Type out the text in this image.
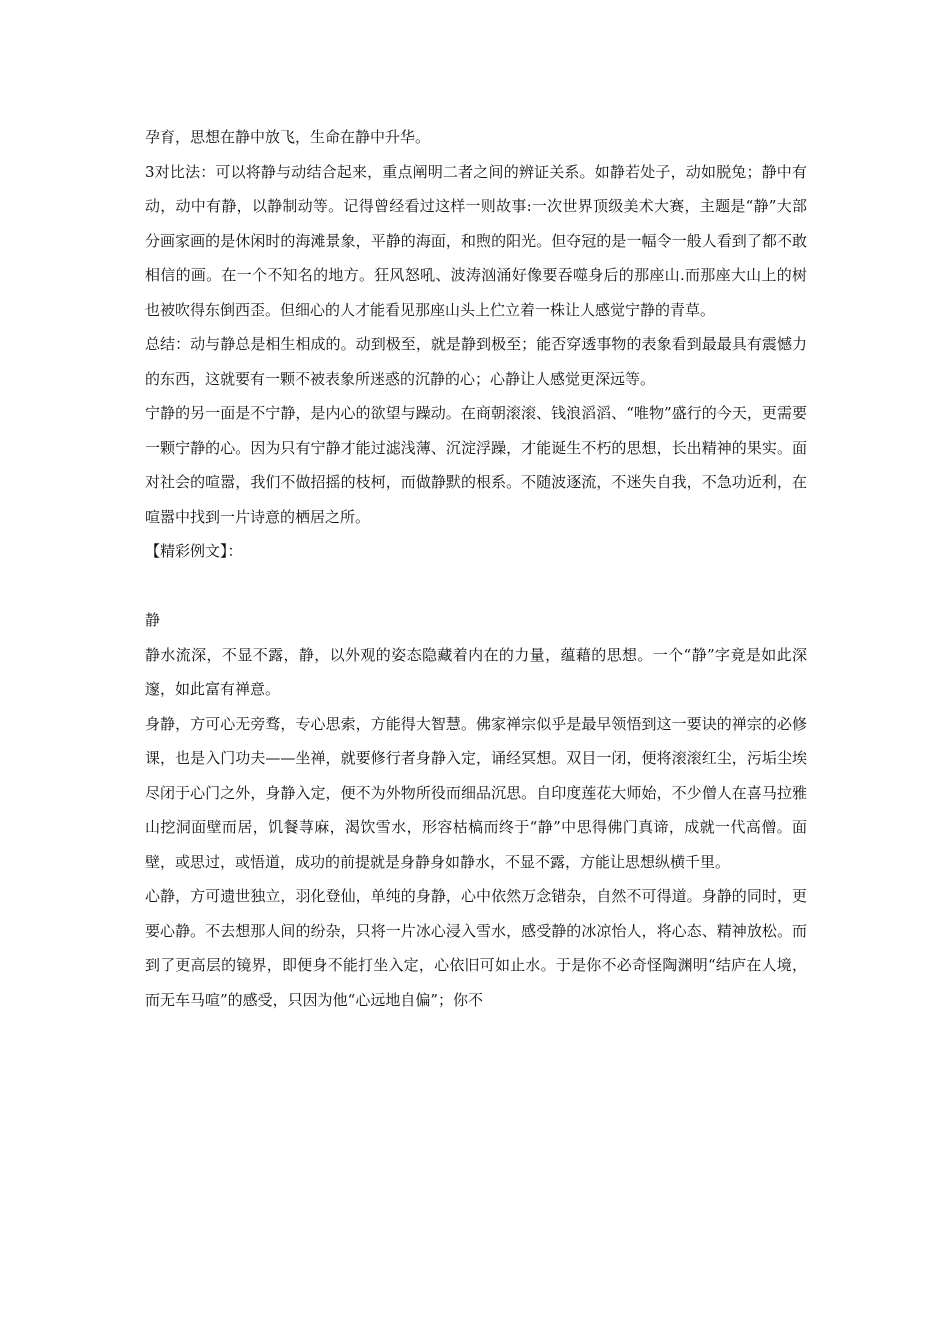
孕育，思想在静中放飞，生命在静中升华。

3对比法：可以将静与动结合起来，重点阐明二者之间的辨证关系。如静若处子，动如脱兔；静中有动，动中有静，以静制动等。记得曾经看过这样一则故事:一次世界顶级美术大赛，主题是“静”大部分画家画的是休闲时的海滩景象，平静的海面，和煦的阳光。但夺冠的是一幅令一般人看到了都不敢相信的画。在一个不知名的地方。狂风怒吼、波涛汹涌好像要吞噬身后的那座山.而那座大山上的树也被吹得东倒西歪。但细心的人才能看见那座山头上伫立着一株让人感觉宁静的青草。

总结：动与静总是相生相成的。动到极至，就是静到极至；能否穿透事物的表象看到最最具有震憾力的东西，这就要有一颗不被表象所迷惑的沉静的心；心静让人感觉更深远等。

宁静的另一面是不宁静，是内心的欲望与躁动。在商朝滚滚、钱浪滔滔、“唯物”盛行的今天，更需要一颗宁静的心。因为只有宁静才能过滤浅薄、沉淀浮躁，才能诞生不朽的思想，长出精神的果实。面对社会的喧嚣，我们不做招摇的枝柯，而做静默的根系。不随波逐流，不迷失自我，不急功近利，在喧嚣中找到一片诗意的栖居之所。

【精彩例文】：

静

静水流深，不显不露，静，以外观的姿态隐藏着内在的力量，蕴藉的思想。一个“静”字竟是如此深邃，如此富有禅意。

身静，方可心无旁骛，专心思索，方能得大智慧。佛家禅宗似乎是最早领悟到这一要诀的禅宗的必修课，也是入门功夫——坐禅，就要修行者身静入定，诵经冥想。双目一闭，便将滚滚红尘，污垢尘埃尽闭于心门之外，身静入定，便不为外物所役而细品沉思。自印度莲花大师始，不少僧人在喜马拉雅山挖洞面壁而居，饥餐荨麻，渴饮雪水，形容枯槁而终于“静”中思得佛门真谛，成就一代高僧。面壁，或思过，或悟道，成功的前提就是身静身如静水，不显不露，方能让思想纵横千里。

心静，方可遗世独立，羽化登仙，单纯的身静，心中依然万念错杂，自然不可得道。身静的同时，更要心静。不去想那人间的纷杂，只将一片冰心浸入雪水，感受静的冰凉怡人，将心态、精神放松。而到了更高层的镜界，即便身不能打坐入定，心依旧可如止水。于是你不必奇怪陶渊明“结庐在人境，而无车马喧”的感受，只因为他“心远地自偏”；你不
